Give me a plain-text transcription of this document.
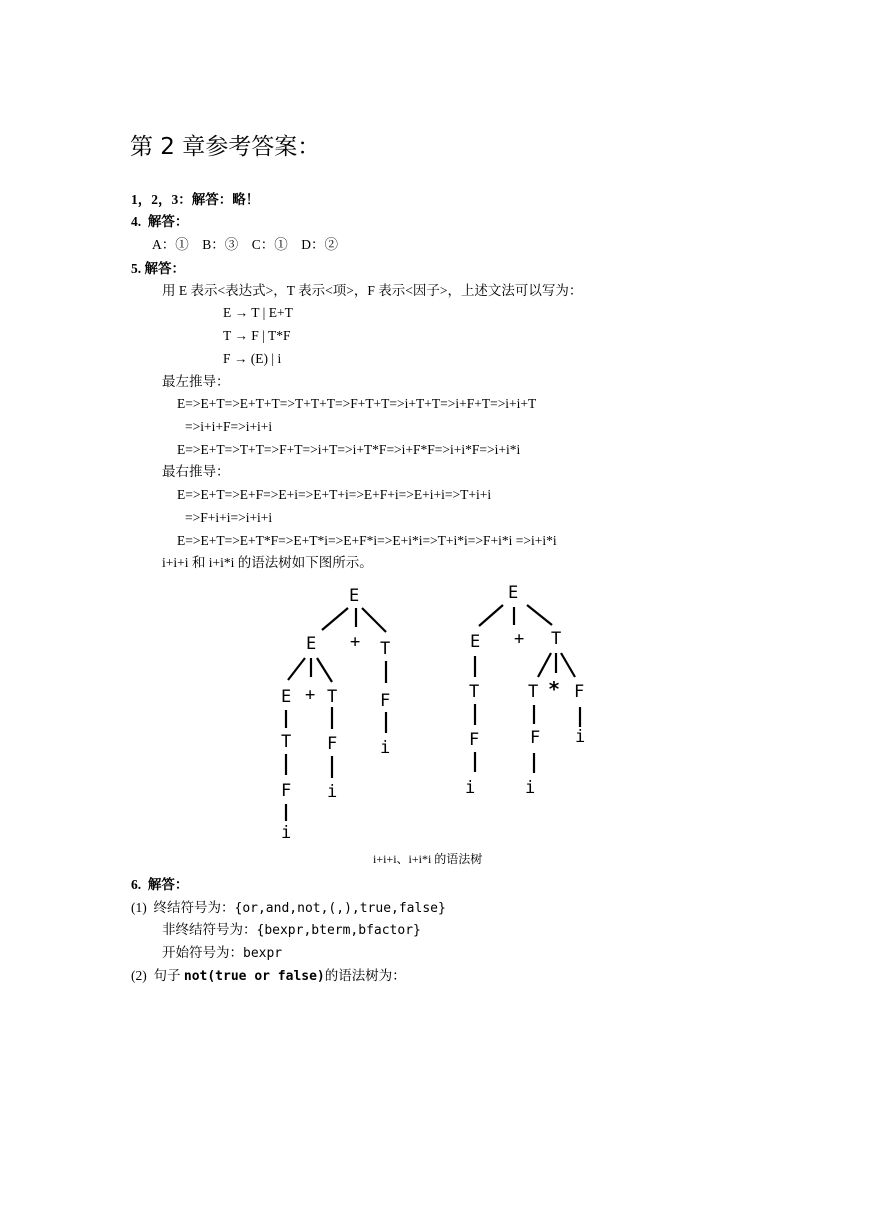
第 2 章参考答案：
1，2，3：解答：略！
4.  解答：
A：①    B：③    C：①    D：②
5. 解答：
用 E 表示<表达式>，T 表示<项>，F 表示<因子>，上述文法可以写为：
E → T | E+T
T → F | T*F
F → (E) | i
最左推导：
E=>E+T=>E+T+T=>T+T+T=>F+T+T=>i+T+T=>i+F+T=>i+i+T
=>i+i+F=>i+i+i
E=>E+T=>T+T=>F+T=>i+T=>i+T*F=>i+F*F=>i+i*F=>i+i*i
最右推导：
E=>E+T=>E+F=>E+i=>E+T+i=>E+F+i=>E+i+i=>T+i+i
=>F+i+i=>i+i+i
E=>E+T=>E+T*F=>E+T*i=>E+F*i=>E+i*i=>T+i*i=>F+i*i =>i+i*i
i+i+i 和 i+i*i 的语法树如下图所示。
E
E + T
E + T	F
i
T
F
i
F
i
E
E + T
T
F
i
T * F
F i
i
i+i+i、i+i*i 的语法树
6.  解答：
(1) 终结符号为：{or,and,not,(,),true,false}
非终结符号为：{bexpr,bterm,bfactor}
开始符号为：bexpr
(2) 句子 not(true or false)的语法树为：
